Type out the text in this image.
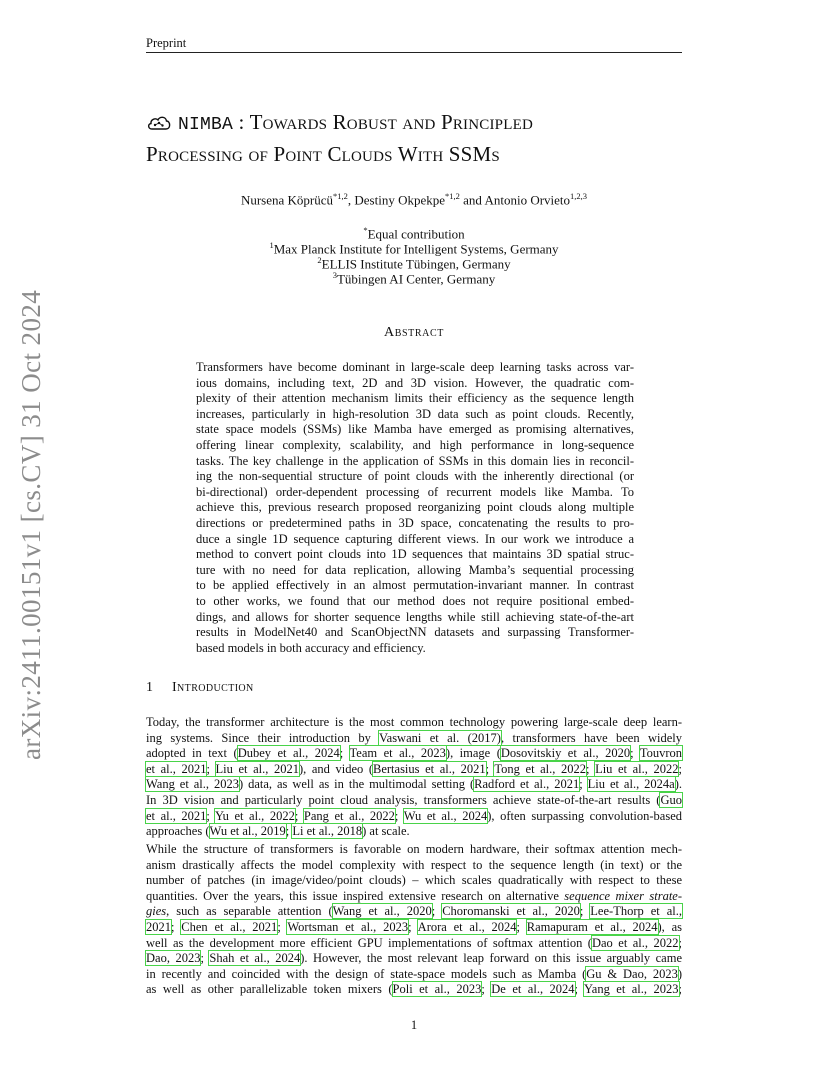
Preprint
arXiv:2411.00151v1 [cs.CV] 31 Oct 2024
NIMBA : Towards Robust and Principled
Processing of Point Clouds With SSMs
Nursena Köprücü$^{*1,2}$, Destiny Okpekpe$^{*1,2}$ and Antonio Orvieto$^{1,2,3}$
*Equal contribution
$^1$Max Planck Institute for Intelligent Systems, Germany
$^2$ELLIS Institute Tübingen, Germany
$^3$Tübingen AI Center, Germany
Abstract
Transformers have become dominant in large-scale deep learning tasks across var-
ious domains, including text, 2D and 3D vision. However, the quadratic com-
plexity of their attention mechanism limits their efficiency as the sequence length
increases, particularly in high-resolution 3D data such as point clouds. Recently,
state space models (SSMs) like Mamba have emerged as promising alternatives,
offering linear complexity, scalability, and high performance in long-sequence
tasks. The key challenge in the application of SSMs in this domain lies in reconcil-
ing the non-sequential structure of point clouds with the inherently directional (or
bi-directional) order-dependent processing of recurrent models like Mamba. To
achieve this, previous research proposed reorganizing point clouds along multiple
directions or predetermined paths in 3D space, concatenating the results to pro-
duce a single 1D sequence capturing different views. In our work we introduce a
method to convert point clouds into 1D sequences that maintains 3D spatial struc-
ture with no need for data replication, allowing Mamba’s sequential processing
to be applied effectively in an almost permutation-invariant manner. In contrast
to other works, we found that our method does not require positional embed-
dings, and allows for shorter sequence lengths while still achieving state-of-the-art
results in ModelNet40 and ScanObjectNN datasets and surpassing Transformer-
based models in both accuracy and efficiency.
1 Introduction
Today, the transformer architecture is the most common technology powering large-scale deep learn-
ing systems. Since their introduction by Vaswani et al. (2017), transformers have been widely
adopted in text (Dubey et al., 2024; Team et al., 2023), image (Dosovitskiy et al., 2020; Touvron
et al., 2021; Liu et al., 2021), and video (Bertasius et al., 2021; Tong et al., 2022; Liu et al., 2022;
Wang et al., 2023) data, as well as in the multimodal setting (Radford et al., 2021; Liu et al., 2024a).
In 3D vision and particularly point cloud analysis, transformers achieve state-of-the-art results (Guo
et al., 2021; Yu et al., 2022; Pang et al., 2022; Wu et al., 2024), often surpassing convolution-based
approaches (Wu et al., 2019; Li et al., 2018) at scale.
While the structure of transformers is favorable on modern hardware, their softmax attention mech-
anism drastically affects the model complexity with respect to the sequence length (in text) or the
number of patches (in image/video/point clouds) – which scales quadratically with respect to these
quantities. Over the years, this issue inspired extensive research on alternative sequence mixer strate-
gies, such as separable attention (Wang et al., 2020; Choromanski et al., 2020; Lee-Thorp et al.,
2021; Chen et al., 2021; Wortsman et al., 2023; Arora et al., 2024; Ramapuram et al., 2024), as
well as the development more efficient GPU implementations of softmax attention (Dao et al., 2022;
Dao, 2023; Shah et al., 2024). However, the most relevant leap forward on this issue arguably came
in recently and coincided with the design of state-space models such as Mamba (Gu & Dao, 2023)
as well as other parallelizable token mixers (Poli et al., 2023; De et al., 2024; Yang et al., 2023;
1
